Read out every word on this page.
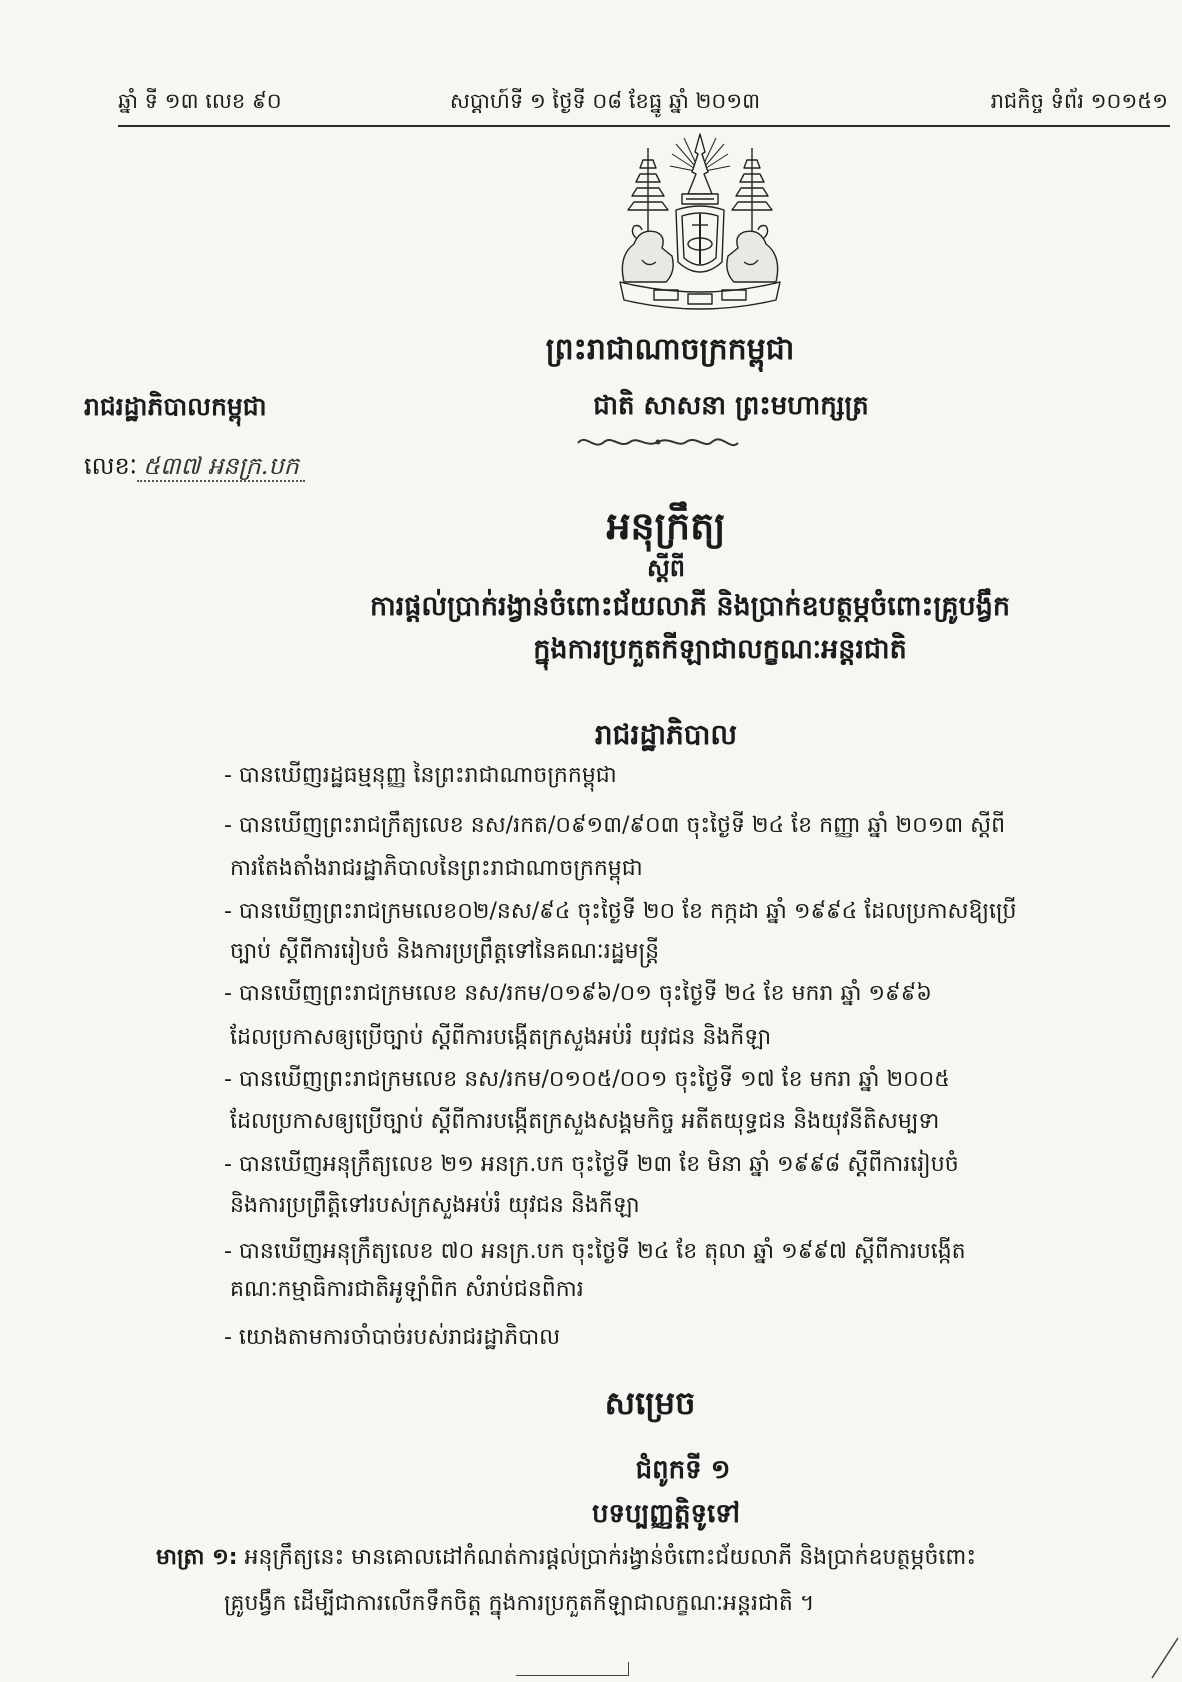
ឆ្នាំ ទី ១៣ លេខ ៩០	សប្តាហ៍ទី ១ ថ្ងៃទី ០៨ ខែធ្នូ ឆ្នាំ ២០១៣	រាជកិច្ច ទំព័រ ១០១៥១
ព្រះរាជាណាចក្រកម្ពុជា
ជាតិ សាសនា ព្រះមហាក្សត្រ
រាជរដ្ឋាភិបាលកម្ពុជា
លេខៈ ៥៣៧ អនក្រ.បក
អនុក្រឹត្យ
ស្តីពី
ការផ្តល់ប្រាក់រង្វាន់ចំពោះជ័យលាភី និងប្រាក់ឧបត្ថម្ភចំពោះគ្រូបង្វឹក
ក្នុងការប្រកួតកីឡាជាលក្ខណៈអន្តរជាតិ
រាជរដ្ឋាភិបាល
- បានឃើញរដ្ឋធម្មនុញ្ញ នៃព្រះរាជាណាចក្រកម្ពុជា
- បានឃើញព្រះរាជក្រឹត្យលេខ នស/រកត/០៩១៣/៩០៣ ចុះថ្ងៃទី ២៤ ខែ កញ្ញា ឆ្នាំ ២០១៣ ស្តីពី
ការតែងតាំងរាជរដ្ឋាភិបាលនៃព្រះរាជាណាចក្រកម្ពុជា
- បានឃើញព្រះរាជក្រមលេខ០២/នស/៩៤ ចុះថ្ងៃទី ២០ ខែ កក្កដា ឆ្នាំ ១៩៩៤ ដែលប្រកាសឱ្យប្រើ
ច្បាប់ ស្តីពីការរៀបចំ និងការប្រព្រឹត្តទៅនៃគណៈរដ្ឋមន្ត្រី
- បានឃើញព្រះរាជក្រមលេខ នស/រកម/០១៩៦/០១ ចុះថ្ងៃទី ២៤ ខែ មករា ឆ្នាំ ១៩៩៦
ដែលប្រកាសឲ្យប្រើច្បាប់ ស្តីពីការបង្កើតក្រសួងអប់រំ យុវជន និងកីឡា
- បានឃើញព្រះរាជក្រមលេខ នស/រកម/០១០៥/០០១ ចុះថ្ងៃទី ១៧ ខែ មករា ឆ្នាំ ២០០៥
ដែលប្រកាសឲ្យប្រើច្បាប់ ស្តីពីការបង្កើតក្រសួងសង្គមកិច្ច អតីតយុទ្ធជន និងយុវនីតិសម្បទា
- បានឃើញអនុក្រឹត្យលេខ ២១ អនក្រ.បក ចុះថ្ងៃទី ២៣ ខែ មិនា ឆ្នាំ ១៩៩៨ ស្តីពីការរៀបចំ
និងការប្រព្រឹត្តិទៅរបស់ក្រសួងអប់រំ យុវជន និងកីឡា
- បានឃើញអនុក្រឹត្យលេខ ៧០ អនក្រ.បក ចុះថ្ងៃទី ២៤ ខែ តុលា ឆ្នាំ ១៩៩៧ ស្តីពីការបង្កើត
គណៈកម្មាធិការជាតិអូឡាំពិក សំរាប់ជនពិការ
- យោងតាមការចាំបាច់របស់រាជរដ្ឋាភិបាល
សម្រេច
ជំពូកទី ១
បទប្បញ្ញត្តិទូទៅ
មាត្រា ១: អនុក្រឹត្យនេះ មានគោលដៅកំណត់ការផ្តល់ប្រាក់រង្វាន់ចំពោះជ័យលាភី និងប្រាក់ឧបត្ថម្ភចំពោះ
គ្រូបង្វឹក ដើម្បីជាការលើកទឹកចិត្ត ក្នុងការប្រកួតកីឡាជាលក្ខណៈអន្តរជាតិ ។
